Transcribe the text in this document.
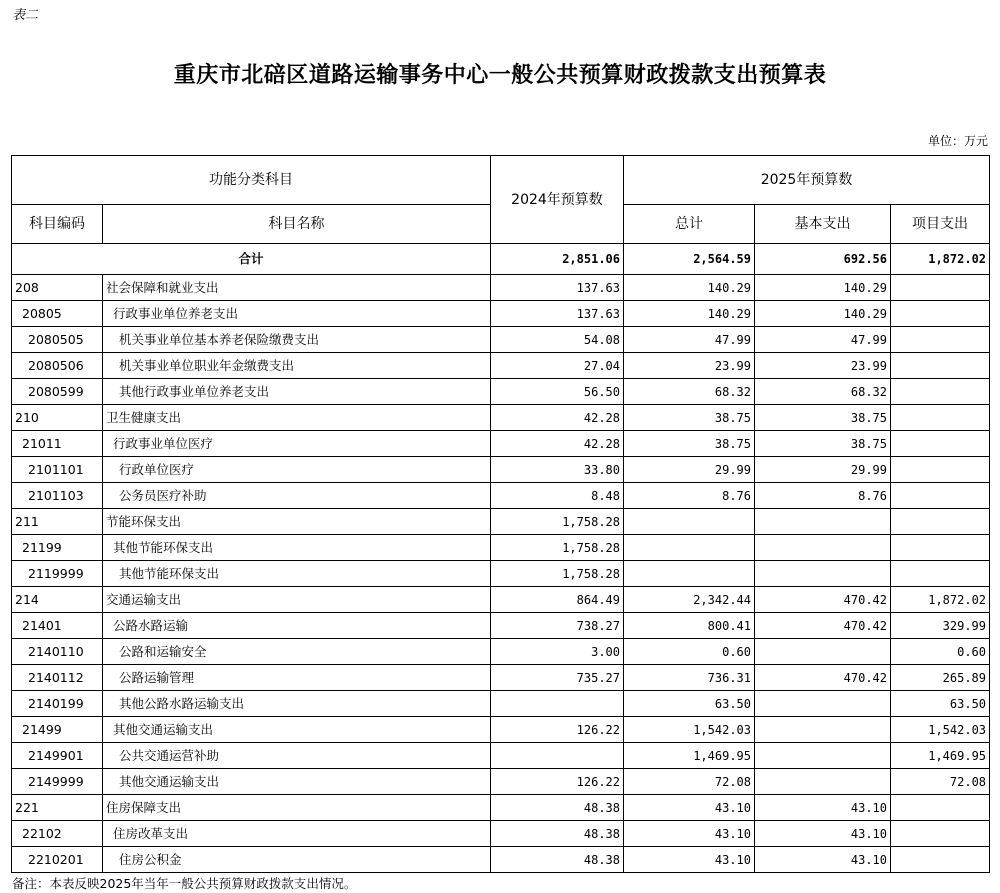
表二
重庆市北碚区道路运输事务中心一般公共预算财政拨款支出预算表
单位：万元
功能分类科目		2024年预算数	2025年预算数		
科目编码	科目名称		总计	基本支出	项目支出
合计		2,851.06	2,564.59	692.56	1,872.02
208	社会保障和就业支出	137.63	140.29	140.29	
20805	行政事业单位养老支出	137.63	140.29	140.29	
2080505	机关事业单位基本养老保险缴费支出	54.08	47.99	47.99	
2080506	机关事业单位职业年金缴费支出	27.04	23.99	23.99	
2080599	其他行政事业单位养老支出	56.50	68.32	68.32	
210	卫生健康支出	42.28	38.75	38.75	
21011	行政事业单位医疗	42.28	38.75	38.75	
2101101	行政单位医疗	33.80	29.99	29.99	
2101103	公务员医疗补助	8.48	8.76	8.76	
211	节能环保支出	1,758.28			
21199	其他节能环保支出	1,758.28			
2119999	其他节能环保支出	1,758.28			
214	交通运输支出	864.49	2,342.44	470.42	1,872.02
21401	公路水路运输	738.27	800.41	470.42	329.99
2140110	公路和运输安全	3.00	0.60		0.60
2140112	公路运输管理	735.27	736.31	470.42	265.89
2140199	其他公路水路运输支出		63.50		63.50
21499	其他交通运输支出	126.22	1,542.03		1,542.03
2149901	公共交通运营补助		1,469.95		1,469.95
2149999	其他交通运输支出	126.22	72.08		72.08
221	住房保障支出	48.38	43.10	43.10	
22102	住房改革支出	48.38	43.10	43.10	
2210201	住房公积金	48.38	43.10	43.10	
备注：本表反映2025年当年一般公共预算财政拨款支出情况。
